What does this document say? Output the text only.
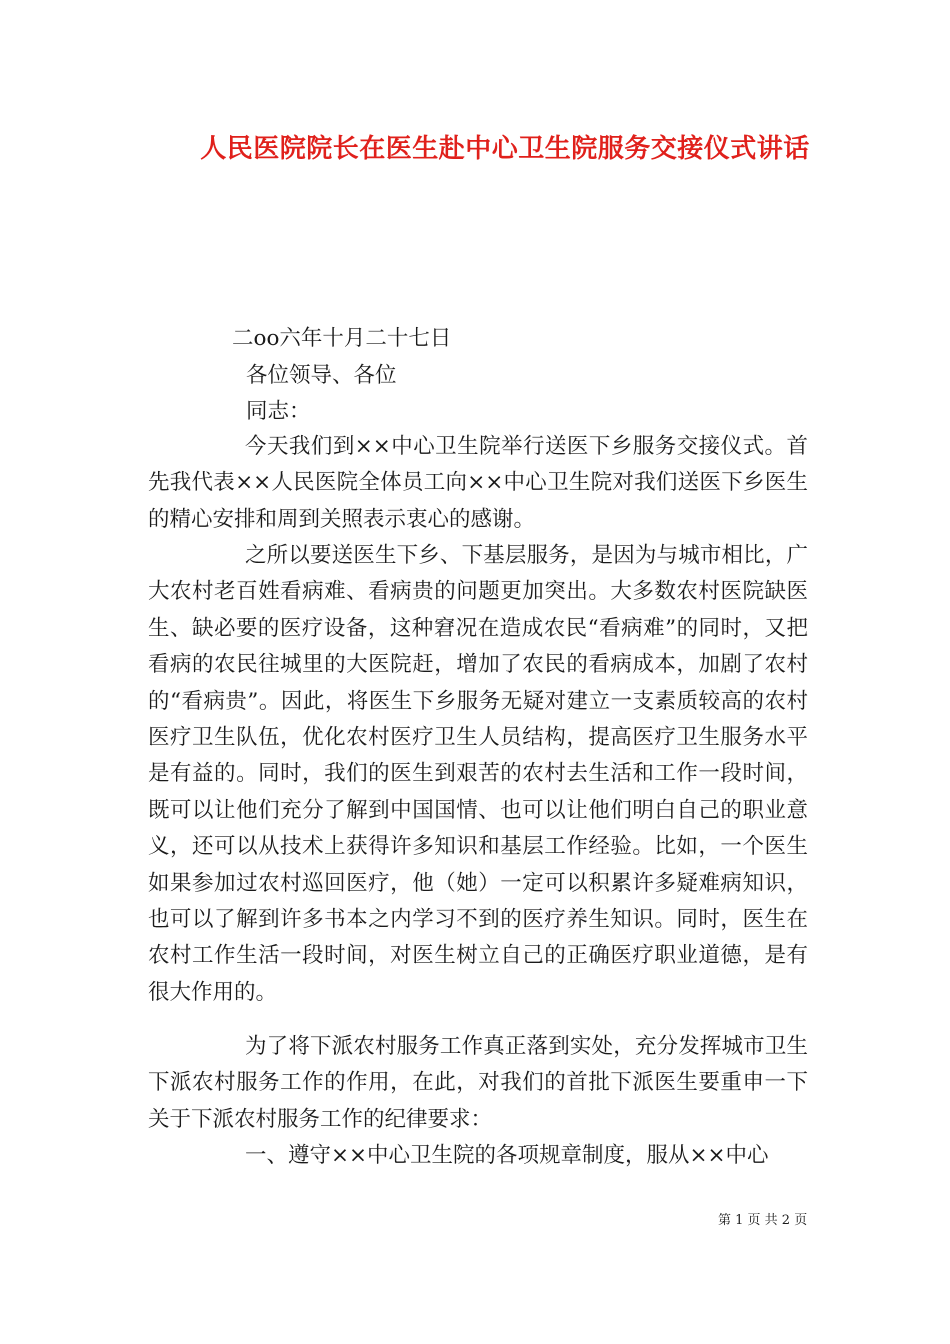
人民医院院长在医生赴中心卫生院服务交接仪式讲话
二oo六年十月二十七日
各位领导、各位
同志：

今天我们到××中心卫生院举行送医下乡服务交接仪式。首先我代表××人民医院全体员工向××中心卫生院对我们送医下乡医生的精心安排和周到关照表示衷心的感谢。

之所以要送医生下乡、下基层服务，是因为与城市相比，广大农村老百姓看病难、看病贵的问题更加突出。大多数农村医院缺医生、缺必要的医疗设备，这种窘况在造成农民“看病难”的同时，又把看病的农民往城里的大医院赶，增加了农民的看病成本，加剧了农村的“看病贵”。因此，将医生下乡服务无疑对建立一支素质较高的农村医疗卫生队伍，优化农村医疗卫生人员结构，提高医疗卫生服务水平是有益的。同时，我们的医生到艰苦的农村去生活和工作一段时间，既可以让他们充分了解到中国国情、也可以让他们明白自己的职业意义，还可以从技术上获得许多知识和基层工作经验。比如，一个医生如果参加过农村巡回医疗，他（她）一定可以积累许多疑难病知识，也可以了解到许多书本之内学习不到的医疗养生知识。同时，医生在农村工作生活一段时间，对医生树立自己的正确医疗职业道德，是有很大作用的。

为了将下派农村服务工作真正落到实处，充分发挥城市卫生下派农村服务工作的作用，在此，对我们的首批下派医生要重申一下关于下派农村服务工作的纪律要求：

一、遵守××中心卫生院的各项规章制度，服从××中心

第 1 页 共 2 页
